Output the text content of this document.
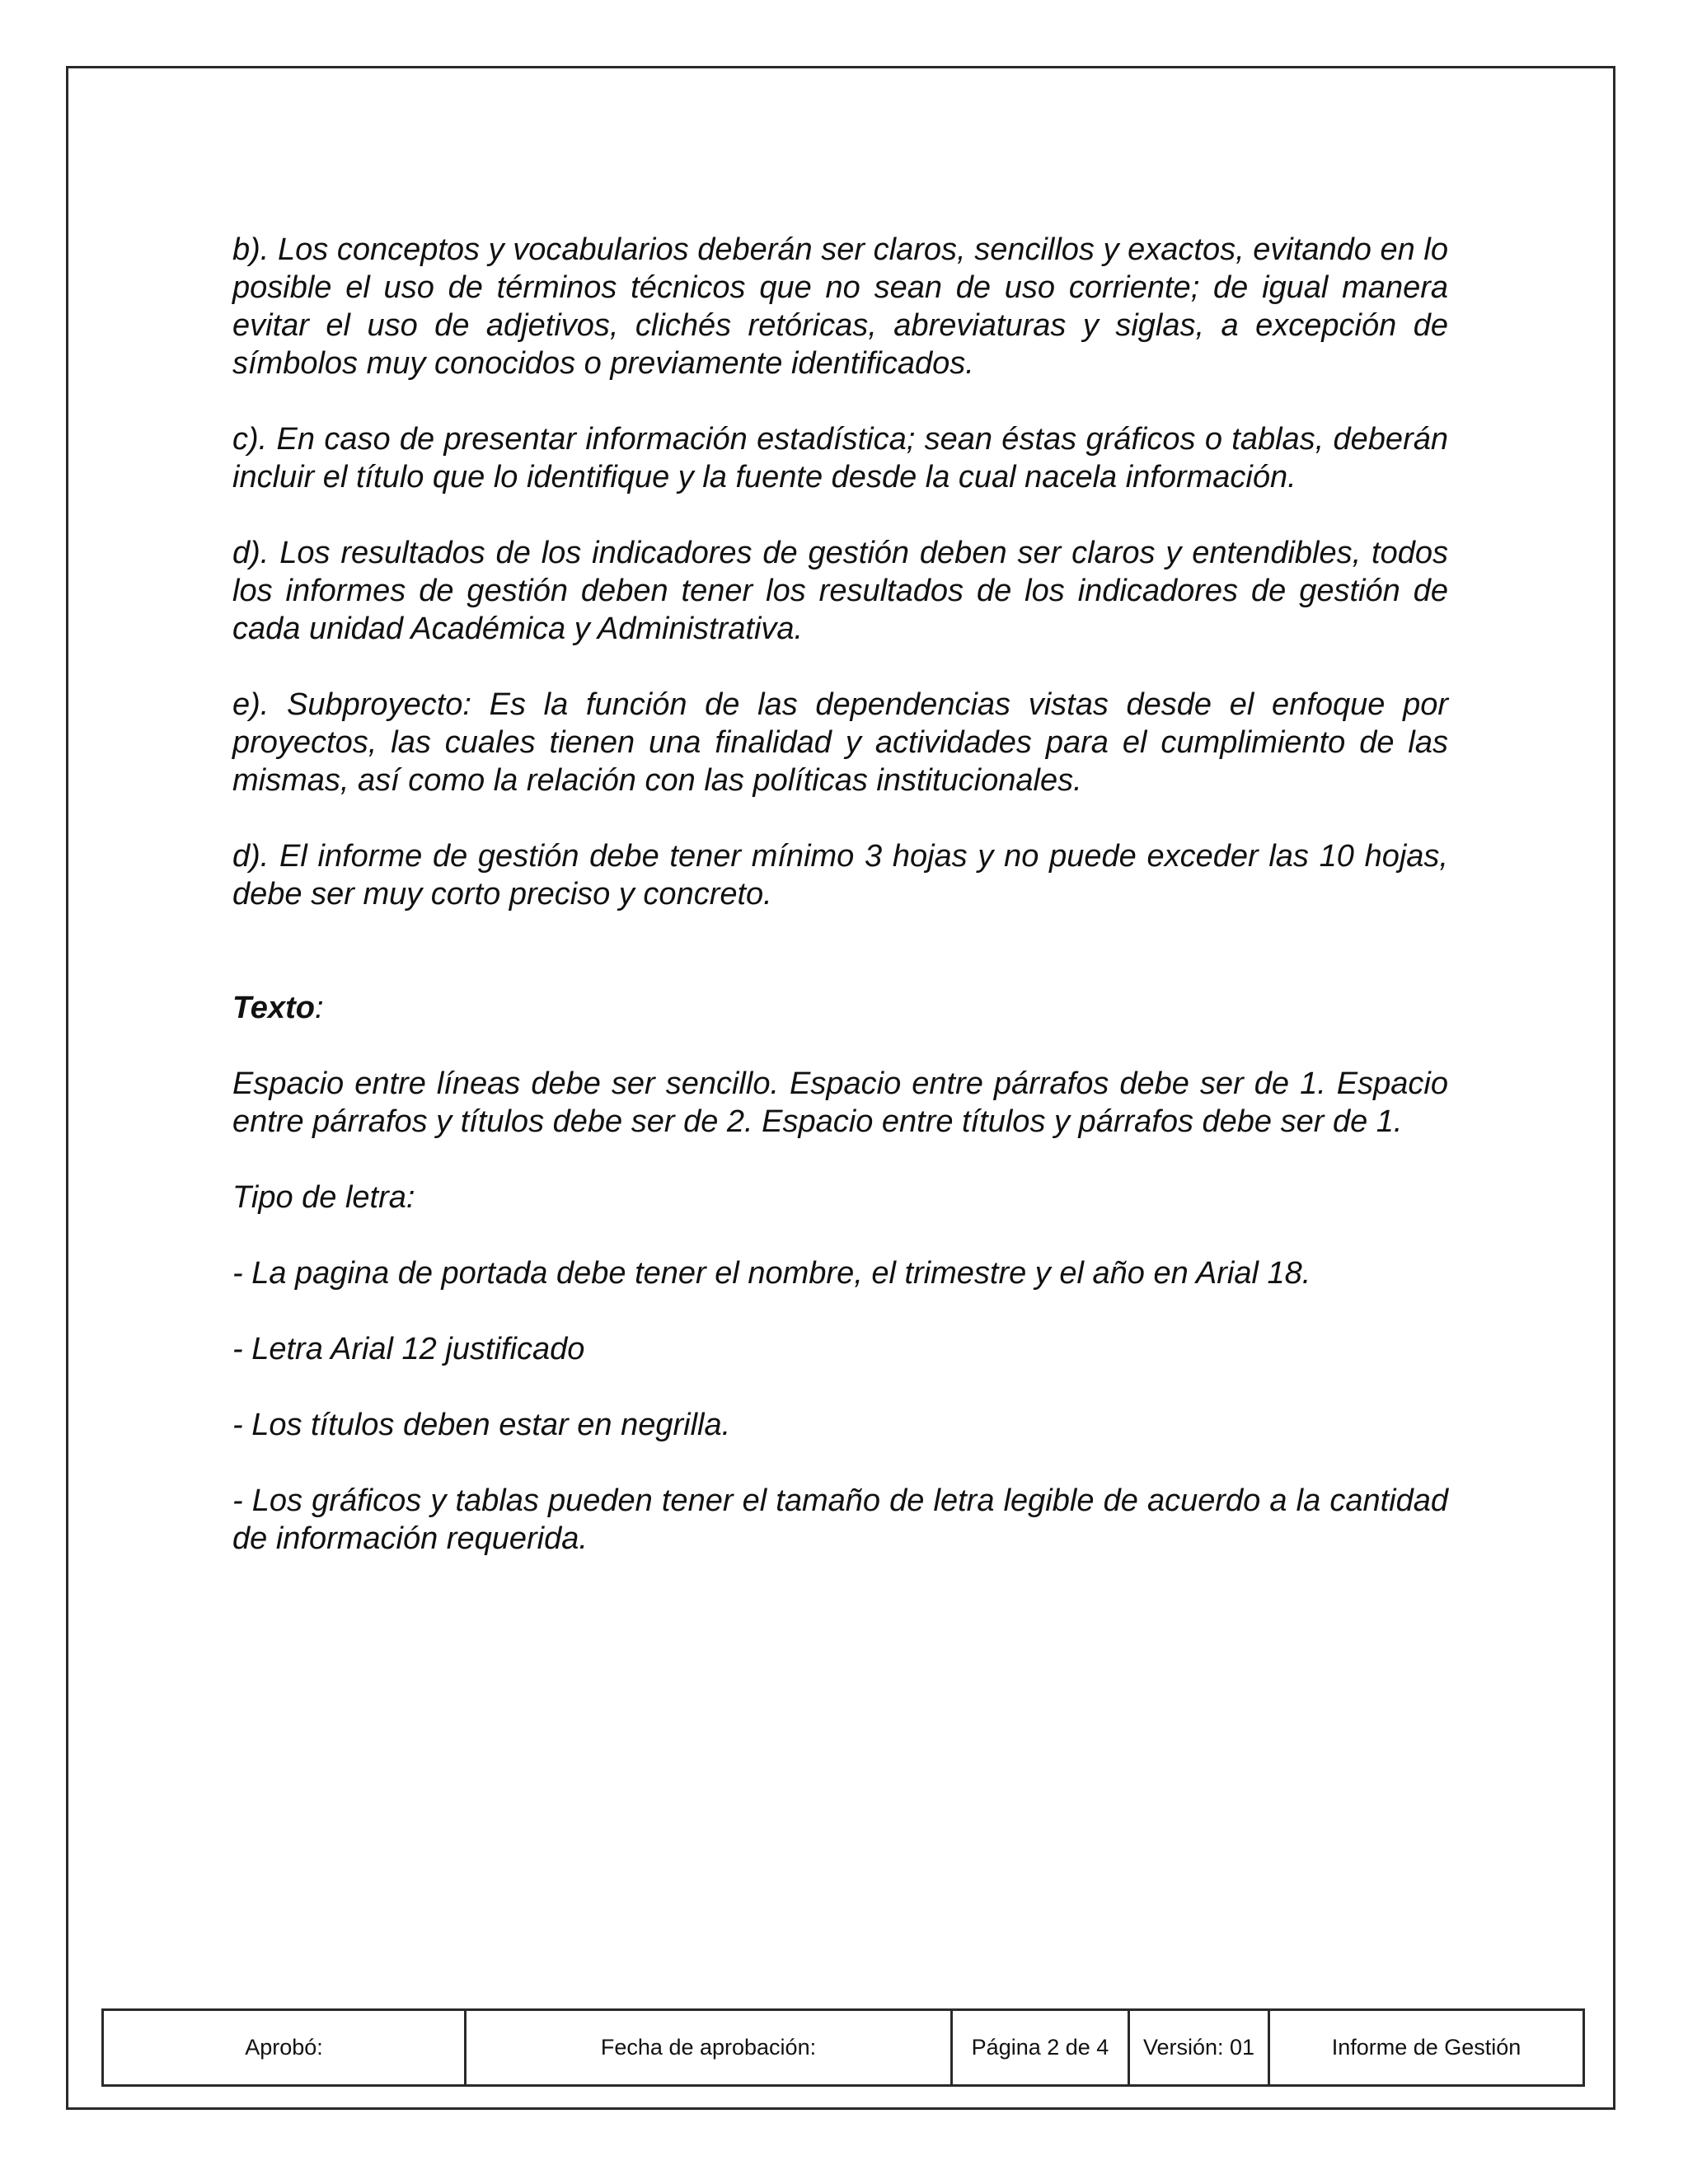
b). Los conceptos y vocabularios deberán ser claros, sencillos y exactos, evitando en lo posible el uso de términos técnicos que no sean de uso corriente; de igual manera evitar el uso de adjetivos, clichés retóricas, abreviaturas y siglas, a excepción de símbolos muy conocidos o previamente identificados.

c). En caso de presentar información estadística; sean éstas gráficos o tablas, deberán incluir el título que lo identifique y la fuente desde la cual nacela información.

d). Los resultados de los indicadores de gestión deben ser claros y entendibles, todos los informes de gestión deben tener los resultados de los indicadores de gestión de cada unidad Académica y Administrativa.

e). Subproyecto: Es la función de las dependencias vistas desde el enfoque por proyectos, las cuales tienen una finalidad y actividades para el cumplimiento de las mismas, así como la relación con las políticas institucionales.

d). El informe de gestión debe tener mínimo 3 hojas y no puede exceder las 10 hojas, debe ser muy corto preciso y concreto.

Texto:

Espacio entre líneas debe ser sencillo. Espacio entre párrafos debe ser de 1. Espacio entre párrafos y títulos debe ser de 2. Espacio entre títulos y párrafos debe ser de 1.

Tipo de letra:

- La pagina de portada debe tener el nombre, el trimestre y el año en Arial 18.

- Letra Arial 12 justificado

- Los títulos deben estar en negrilla.

- Los gráficos y tablas pueden tener el tamaño de letra legible de acuerdo a la cantidad de información requerida.

Aprobó:	Fecha de aprobación:	Página 2 de 4	Versión: 01	Informe de Gestión
